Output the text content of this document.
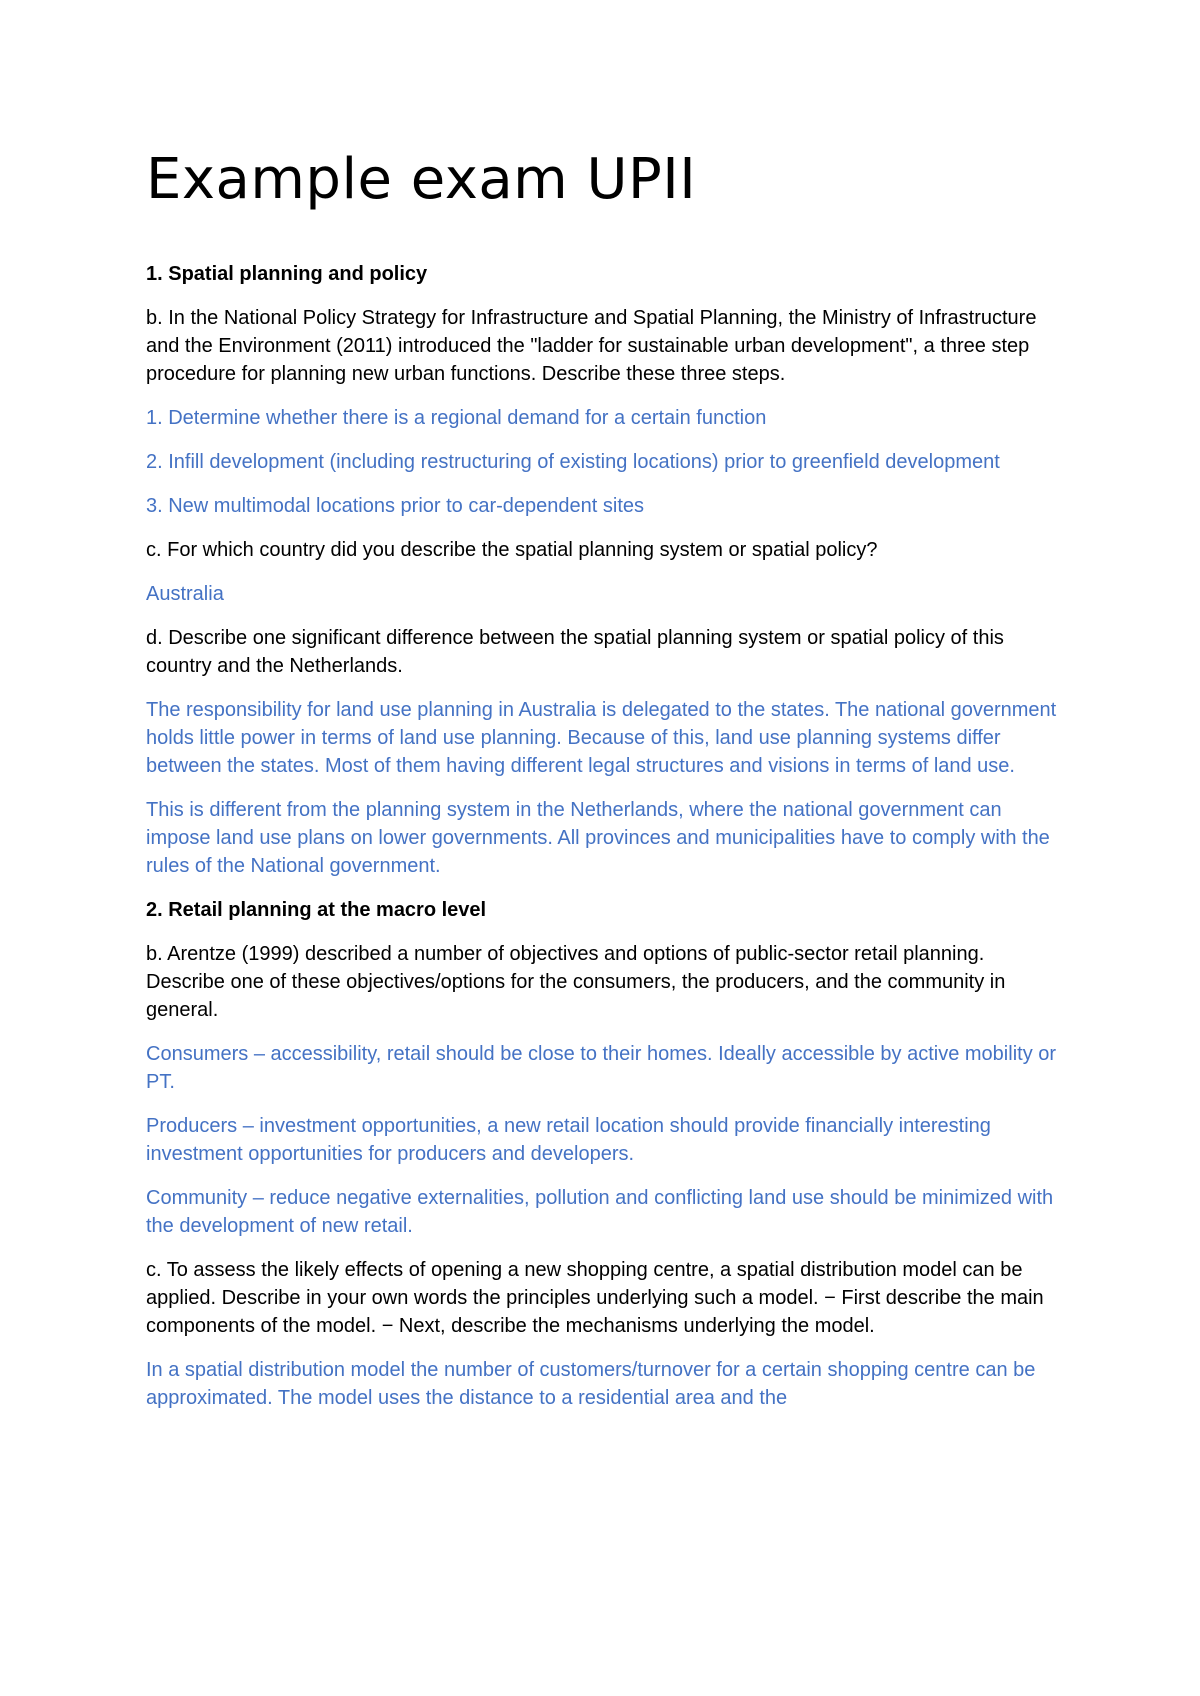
Example exam UPII

1. Spatial planning and policy

b. In the National Policy Strategy for Infrastructure and Spatial Planning, the Ministry of Infrastructure and the Environment (2011) introduced the "ladder for sustainable urban development", a three step procedure for planning new urban functions. Describe these three steps.

1. Determine whether there is a regional demand for a certain function

2. Infill development (including restructuring of existing locations) prior to greenfield development

3. New multimodal locations prior to car-dependent sites

c. For which country did you describe the spatial planning system or spatial policy?

Australia

d. Describe one significant difference between the spatial planning system or spatial policy of this country and the Netherlands.

The responsibility for land use planning in Australia is delegated to the states. The national government holds little power in terms of land use planning. Because of this, land use planning systems differ between the states. Most of them having different legal structures and visions in terms of land use.

This is different from the planning system in the Netherlands, where the national government can impose land use plans on lower governments. All provinces and municipalities have to comply with the rules of the National government.

2. Retail planning at the macro level

b. Arentze (1999) described a number of objectives and options of public-sector retail planning. Describe one of these objectives/options for the consumers, the producers, and the community in general.

Consumers – accessibility, retail should be close to their homes. Ideally accessible by active mobility or PT.

Producers – investment opportunities, a new retail location should provide financially interesting investment opportunities for producers and developers.

Community – reduce negative externalities, pollution and conflicting land use should be minimized with the development of new retail.

c. To assess the likely effects of opening a new shopping centre, a spatial distribution model can be applied. Describe in your own words the principles underlying such a model. − First describe the main components of the model. − Next, describe the mechanisms underlying the model.

In a spatial distribution model the number of customers/turnover for a certain shopping centre can be approximated. The model uses the distance to a residential area and the
